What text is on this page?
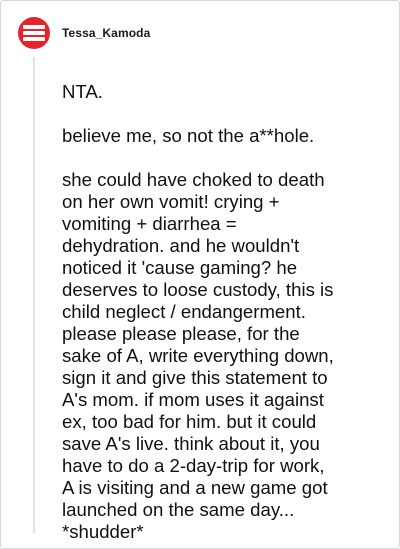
Tessa_Kamoda

NTA.

believe me, so not the a**hole.

she could have choked to death
on her own vomit! crying +
vomiting + diarrhea =
dehydration. and he wouldn't
noticed it 'cause gaming? he
deserves to loose custody, this is
child neglect / endangerment.
please please please, for the
sake of A, write everything down,
sign it and give this statement to
A's mom. if mom uses it against
ex, too bad for him. but it could
save A's live. think about it, you
have to do a 2-day-trip for work,
A is visiting and a new game got
launched on the same day...
*shudder*
